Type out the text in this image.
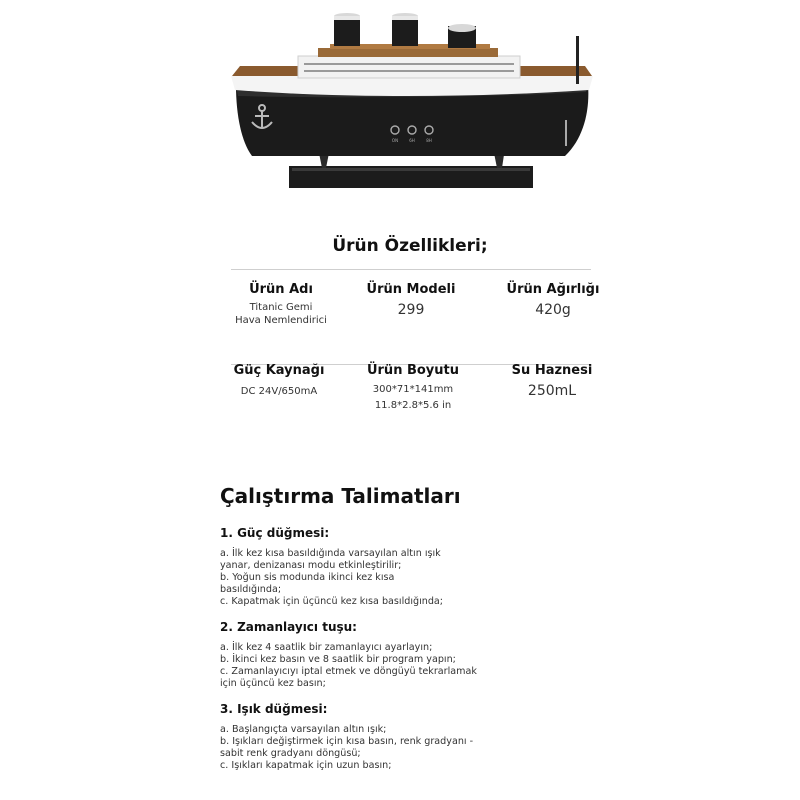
ON	6H	8H
Ürün Özellikleri;
Ürün Adı
Titanic Gemi
Hava Nemlendirici
Ürün Modeli
299
Ürün Ağırlığı
420g
Güç Kaynağı
DC 24V/650mA
Ürün Boyutu
300*71*141mm
11.8*2.8*5.6 in
Su Haznesi
250mL
Çalıştırma Talimatları
1. Güç düğmesi:
a. İlk kez kısa basıldığında varsayılan altın ışık
yanar, denizanası modu etkinleştirilir;
b. Yoğun sis modunda ikinci kez kısa
basıldığında;
c. Kapatmak için üçüncü kez kısa basıldığında;
2. Zamanlayıcı tuşu:
a. İlk kez 4 saatlik bir zamanlayıcı ayarlayın;
b. İkinci kez basın ve 8 saatlik bir program yapın;
c. Zamanlayıcıyı iptal etmek ve döngüyü tekrarlamak
için üçüncü kez basın;
3. Işık düğmesi:
a. Başlangıçta varsayılan altın ışık;
b. Işıkları değiştirmek için kısa basın, renk gradyanı -
sabit renk gradyanı döngüsü;
c. Işıkları kapatmak için uzun basın;
